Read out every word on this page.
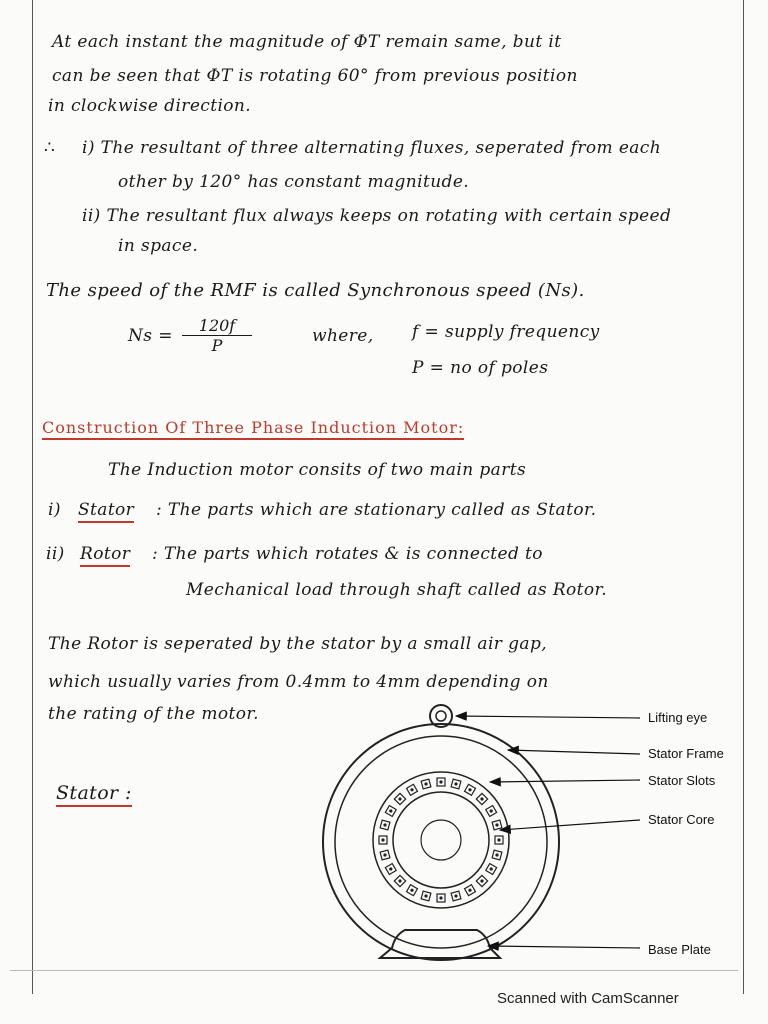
At each instant the magnitude of ΦT remain same, but it
can be seen that ΦT is rotating 60° from previous position
in clockwise direction.
∴ i) The resultant of three alternating fluxes, seperated from each
other by 120° has constant magnitude.
ii) The resultant flux always keeps on rotating with certain speed
in space.
The speed of the RMF is called Synchronous speed (Ns).
$Ns = \frac{120f}{P}$	where, f = supply frequency
P = no of poles
Construction Of Three Phase Induction Motor:
The Induction motor consits of two main parts
i) Stator : The parts which are stationary called as Stator.
ii) Rotor : The parts which rotates & is connected to
Mechanical load through shaft called as Rotor.
The Rotor is seperated by the stator by a small air gap,
which usually varies from 0.4mm to 4mm depending on
the rating of the motor.
Stator :
Lifting eye
Stator Frame
Stator Slots
Stator Core
Base Plate
Scanned with CamScanner
